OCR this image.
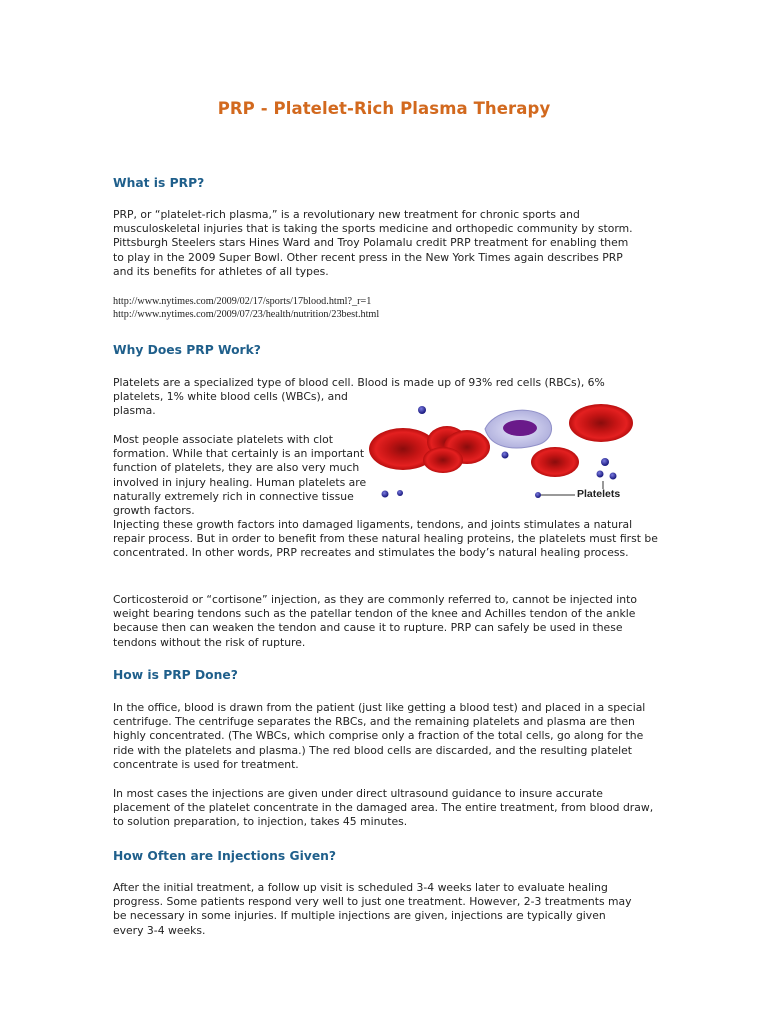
PRP - Platelet-Rich Plasma Therapy
What is PRP?

PRP, or “platelet-rich plasma,” is a revolutionary new treatment for chronic sports and musculoskeletal injuries that is taking the sports medicine and orthopedic community by storm. Pittsburgh Steelers stars Hines Ward and Troy Polamalu credit PRP treatment for enabling them to play in the 2009 Super Bowl. Other recent press in the New York Times again describes PRP and its benefits for athletes of all types.

http://www.nytimes.com/2009/02/17/sports/17blood.html?_r=1
http://www.nytimes.com/2009/07/23/health/nutrition/23best.html
Why Does PRP Work?

Platelets are a specialized type of blood cell. Blood is made up of 93% red cells (RBCs), 6%

platelets, 1% white blood cells (WBCs), and plasma.

Most people associate platelets with clot formation. While that certainly is an important function of platelets, they are also very much involved in injury healing. Human platelets are naturally extremely rich in connective tissue growth factors.

Injecting these growth factors into damaged ligaments, tendons, and joints stimulates a natural repair process. But in order to benefit from these natural healing proteins, the platelets must first be concentrated. In other words, PRP recreates and stimulates the body’s natural healing process.

Platelets

Corticosteroid or “cortisone” injection, as they are commonly referred to, cannot be injected into weight bearing tendons such as the patellar tendon of the knee and Achilles tendon of the ankle because then can weaken the tendon and cause it to rupture. PRP can safely be used in these tendons without the risk of rupture.

How is PRP Done?

In the office, blood is drawn from the patient (just like getting a blood test) and placed in a special centrifuge. The centrifuge separates the RBCs, and the remaining platelets and plasma are then highly concentrated. (The WBCs, which comprise only a fraction of the total cells, go along for the ride with the platelets and plasma.) The red blood cells are discarded, and the resulting platelet concentrate is used for treatment.

In most cases the injections are given under direct ultrasound guidance to insure accurate placement of the platelet concentrate in the damaged area. The entire treatment, from blood draw, to solution preparation, to injection, takes 45 minutes.

How Often are Injections Given?

After the initial treatment, a follow up visit is scheduled 3-4 weeks later to evaluate healing progress. Some patients respond very well to just one treatment. However, 2-3 treatments may be necessary in some injuries. If multiple injections are given, injections are typically given every 3-4 weeks.
